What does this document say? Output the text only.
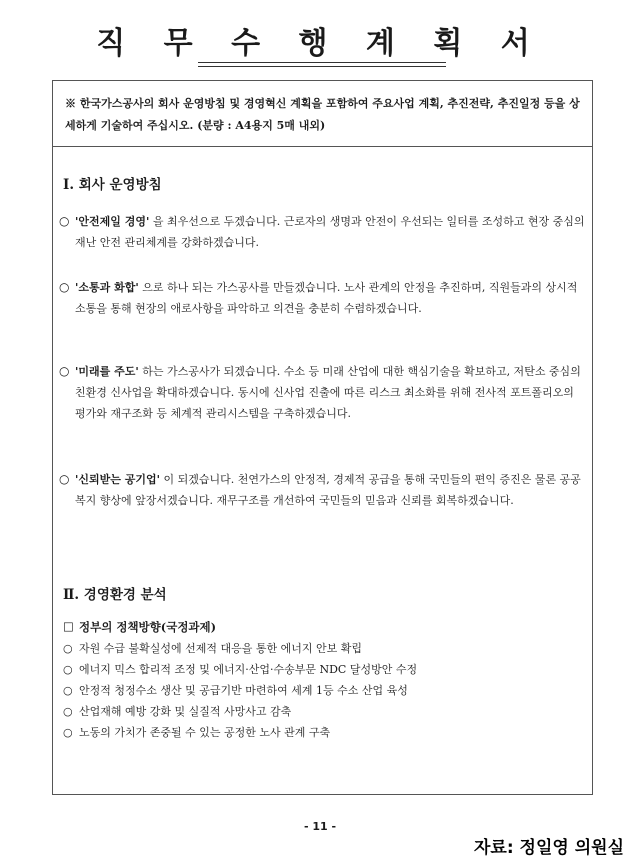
직 무 수 행 계 획 서
※ 한국가스공사의 회사 운영방침 및 경영혁신 계획을 포함하여 주요사업 계획, 추진전략, 추진일정 등을 상세하게 기술하여 주십시오. (분량 : A4용지 5매 내외)
Ⅰ. 회사 운영방침
○ '안전제일 경영' 을 최우선으로 두겠습니다. 근로자의 생명과 안전이 우선되는 일터를 조성하고 현장 중심의 재난 안전 관리체계를 강화하겠습니다.
○ '소통과 화합' 으로 하나 되는 가스공사를 만들겠습니다. 노사 관계의 안정을 추진하며, 직원들과의 상시적 소통을 통해 현장의 애로사항을 파악하고 의견을 충분히 수렴하겠습니다.
○ '미래를 주도' 하는 가스공사가 되겠습니다. 수소 등 미래 산업에 대한 핵심기술을 확보하고, 저탄소 중심의 친환경 신사업을 확대하겠습니다. 동시에 신사업 진출에 따른 리스크 최소화를 위해 전사적 포트폴리오의 평가와 재구조화 등 체계적 관리시스템을 구축하겠습니다.
○ '신뢰받는 공기업' 이 되겠습니다. 천연가스의 안정적, 경제적 공급을 통해 국민들의 편익 증진은 물론 공공복지 향상에 앞장서겠습니다. 재무구조를 개선하여 국민들의 믿음과 신뢰를 회복하겠습니다.
Ⅱ. 경영환경 분석
□ 정부의 정책방향(국정과제)
○ 자원 수급 불확실성에 선제적 대응을 통한 에너지 안보 확립
○ 에너지 믹스 합리적 조정 및 에너지·산업·수송부문 NDC 달성방안 수정
○ 안정적 청정수소 생산 및 공급기반 마련하여 세계 1등 수소 산업 육성
○ 산업재해 예방 강화 및 실질적 사망사고 감축
○ 노동의 가치가 존중될 수 있는 공정한 노사 관계 구축
- 11 -
자료: 정일영 의원실
